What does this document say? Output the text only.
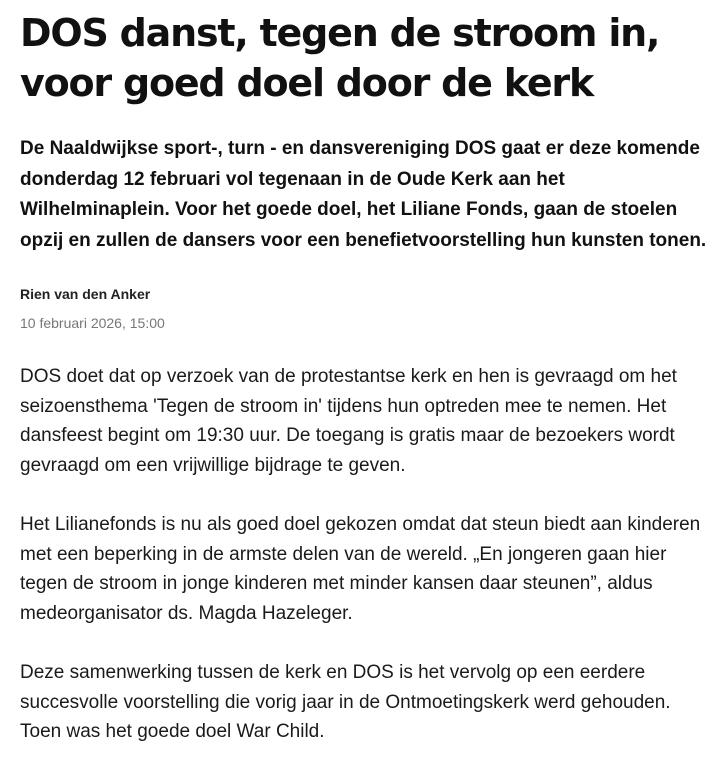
DOS danst, tegen de stroom in, voor goed doel door de kerk

De Naaldwijkse sport-, turn - en dansvereniging DOS gaat er deze komende donderdag 12 februari vol tegenaan in de Oude Kerk aan het Wilhelminaplein. Voor het goede doel, het Liliane Fonds, gaan de stoelen opzij en zullen de dansers voor een benefietvoorstelling hun kunsten tonen.

Rien van den Anker
10 februari 2026, 15:00

DOS doet dat op verzoek van de protestantse kerk en hen is gevraagd om het seizoensthema 'Tegen de stroom in' tijdens hun optreden mee te nemen. Het dansfeest begint om 19:30 uur. De toegang is gratis maar de bezoekers wordt gevraagd om een vrijwillige bijdrage te geven.

Het Lilianefonds is nu als goed doel gekozen omdat dat steun biedt aan kinderen met een beperking in de armste delen van de wereld. „En jongeren gaan hier tegen de stroom in jonge kinderen met minder kansen daar steunen”, aldus medeorganisator ds. Magda Hazeleger.

Deze samenwerking tussen de kerk en DOS is het vervolg op een eerdere succesvolle voorstelling die vorig jaar in de Ontmoetingskerk werd gehouden. Toen was het goede doel War Child.
